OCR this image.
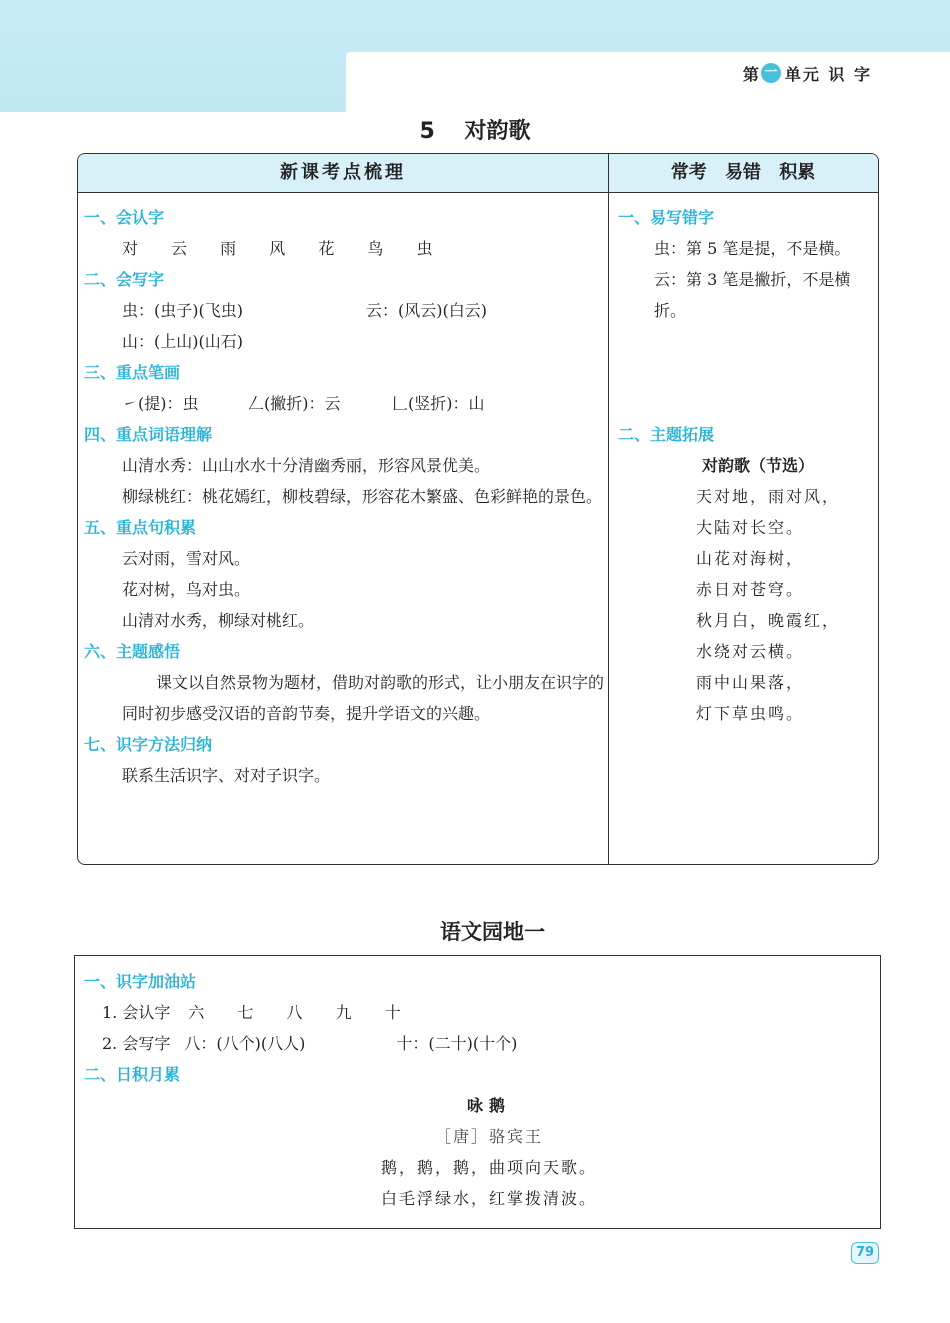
第 一 单元 识 字
5 对韵歌
新课考点梳理	常考 易错 积累
一、会认字
对 云 雨 风 花 鸟 虫
二、会写字
虫：(虫子)(飞虫)	云：(风云)(白云)
山：(上山)(山石)
三、重点笔画
㇀(提)：虫	𠃋(撇折)：云	𠃊(竖折)：山
四、重点词语理解
山清水秀：山山水水十分清幽秀丽，形容风景优美。
柳绿桃红：桃花嫣红，柳枝碧绿，形容花木繁盛、色彩鲜艳的景色。
五、重点句积累
云对雨，雪对风。
花对树，鸟对虫。
山清对水秀，柳绿对桃红。
六、主题感悟
课文以自然景物为题材，借助对韵歌的形式，让小朋友在识字的同时初步感受汉语的音韵节奏，提升学语文的兴趣。
七、识字方法归纳
联系生活识字、对对子识字。
一、易写错字
虫：第 5 笔是提，不是横。
云：第 3 笔是撇折，不是横折。
二、主题拓展
对韵歌（节选）
天对地，雨对风，
大陆对长空。
山花对海树，
赤日对苍穹。
秋月白，晚霞红，
水绕对云横。
雨中山果落，
灯下草虫鸣。
语文园地一
一、识字加油站
1. 会认字 六 七 八 九 十
2. 会写字 八：(八个)(八人)	十：(二十)(十个)
二、日积月累
咏鹅
［唐］骆宾王
鹅，鹅，鹅，曲项向天歌。
白毛浮绿水，红掌拨清波。
79
